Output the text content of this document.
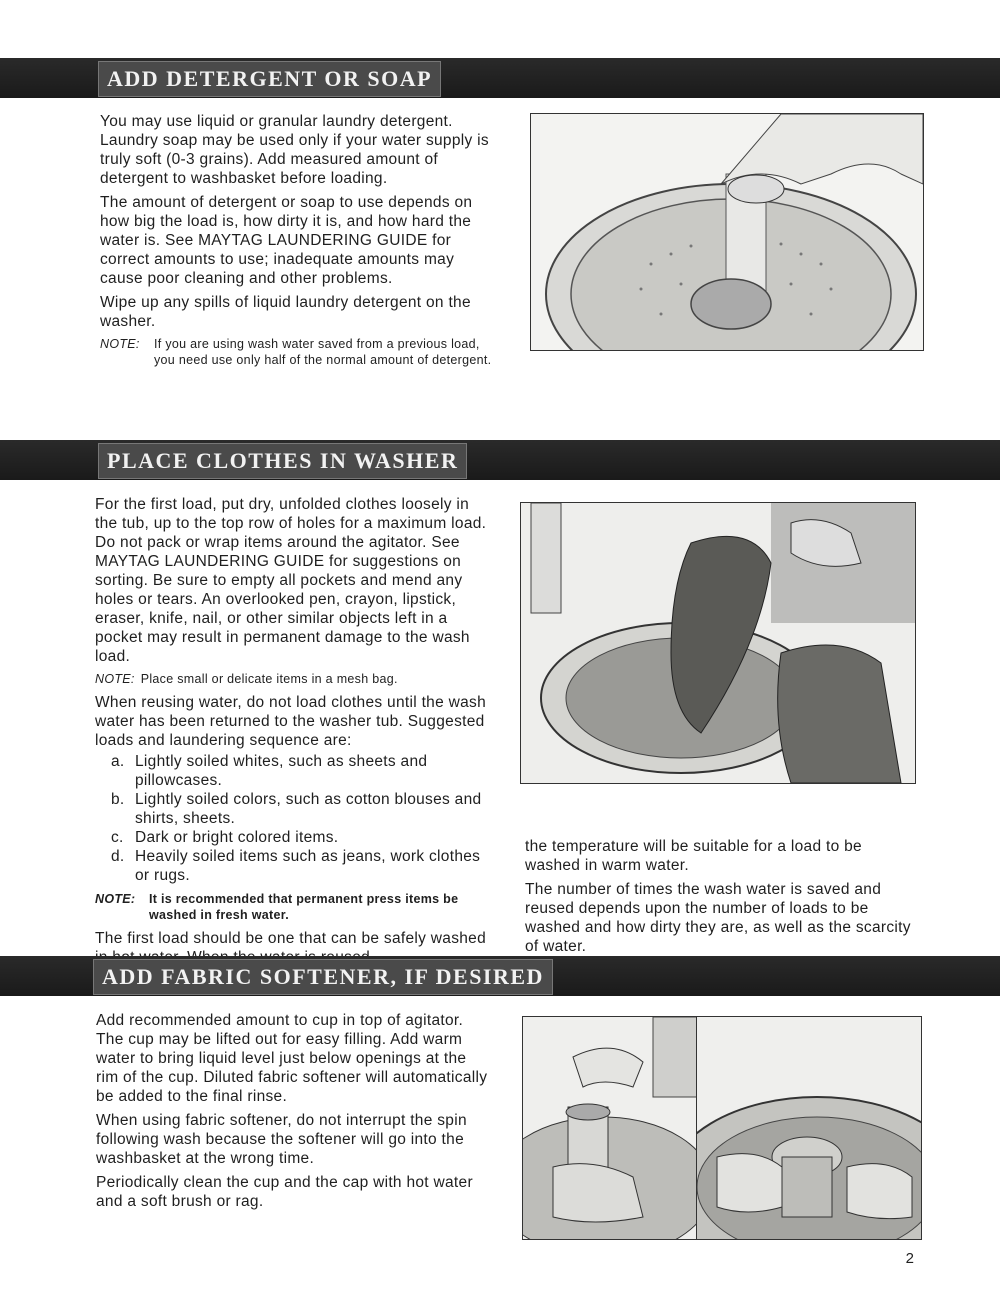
ADD DETERGENT OR SOAP

You may use liquid or granular laundry detergent. Laundry soap may be used only if your water supply is truly soft (0-3 grains). Add measured amount of detergent to washbasket before loading.

The amount of detergent or soap to use depends on how big the load is, how dirty it is, and how hard the water is. See MAYTAG LAUNDERING GUIDE for correct amounts to use; inadequate amounts may cause poor cleaning and other problems.

Wipe up any spills of liquid laundry detergent on the washer.

NOTE:	If you are using wash water saved from a previous load, you need use only half of the normal amount of detergent.
PLACE CLOTHES IN WASHER

For the first load, put dry, unfolded clothes loosely in the tub, up to the top row of holes for a maximum load. Do not pack or wrap items around the agitator. See MAYTAG LAUNDERING GUIDE for suggestions on sorting. Be sure to empty all pockets and mend any holes or tears. An overlooked pen, crayon, lipstick, eraser, knife, nail, or other similar objects left in a pocket may result in permanent damage to the wash load.

NOTE: Place small or delicate items in a mesh bag.

When reusing water, do not load clothes until the wash water has been returned to the washer tub. Suggested loads and laundering sequence are:

a. Lightly soiled whites, such as sheets and pillowcases.
b. Lightly soiled colors, such as cotton blouses and shirts, sheets.
c. Dark or bright colored items.
d. Heavily soiled items such as jeans, work clothes or rugs.
NOTE:	It is recommended that permanent press items be washed in fresh water.

The first load should be one that can be safely washed

the temperature will be suitable for a load to be washed in warm water.

The number of times the wash water is saved and reused depends upon the number of loads to be washed and how dirty they are, as well as the scarcity of water.

ADD FABRIC SOFTENER, IF DESIRED

Add recommended amount to cup in top of agitator. The cup may be lifted out for easy filling. Add warm water to bring liquid level just below openings at the rim of the cup. Diluted fabric softener will automatically be added to the final rinse.

When using fabric softener, do not interrupt the spin following wash because the softener will go into the washbasket at the wrong time.

Periodically clean the cup and the cap with hot water and a soft brush or rag.

2
